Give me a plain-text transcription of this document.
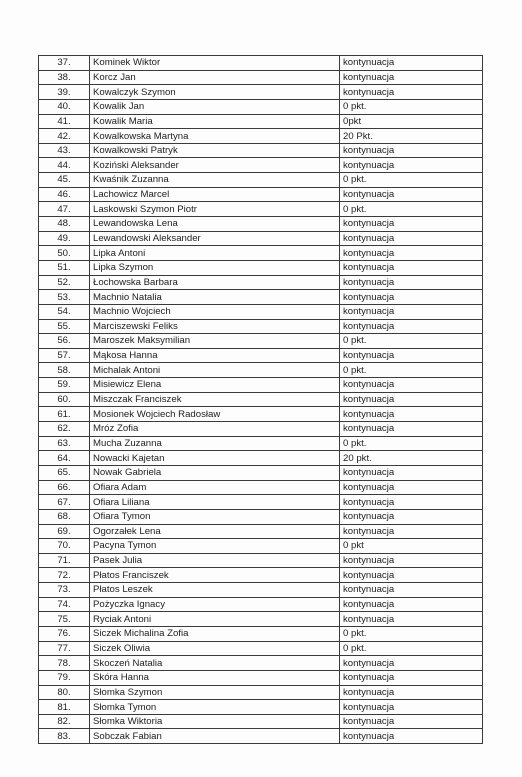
37.	Kominek Wiktor	kontynuacja
38.	Korcz Jan	kontynuacja
39.	Kowalczyk Szymon	kontynuacja
40.	Kowalik Jan	0 pkt.
41.	Kowalik Maria	0pkt
42.	Kowalkowska Martyna	20 Pkt.
43.	Kowalkowski Patryk	kontynuacja
44.	Koziński Aleksander	kontynuacja
45.	Kwaśnik Zuzanna	0 pkt.
46.	Lachowicz Marcel	kontynuacja
47.	Laskowski Szymon Piotr	0 pkt.
48.	Lewandowska Lena	kontynuacja
49.	Lewandowski Aleksander	kontynuacja
50.	Lipka Antoni	kontynuacja
51.	Lipka Szymon	kontynuacja
52.	Łochowska Barbara	kontynuacja
53.	Machnio Natalia	kontynuacja
54.	Machnio Wojciech	kontynuacja
55.	Marciszewski Feliks	kontynuacja
56.	Maroszek Maksymilian	0 pkt.
57.	Mąkosa Hanna	kontynuacja
58.	Michalak Antoni	0 pkt.
59.	Misiewicz Elena	kontynuacja
60.	Miszczak Franciszek	kontynuacja
61.	Mosionek Wojciech Radosław	kontynuacja
62.	Mróz Zofia	kontynuacja
63.	Mucha Zuzanna	0 pkt.
64.	Nowacki Kajetan	20 pkt.
65.	Nowak Gabriela	kontynuacja
66.	Ofiara Adam	kontynuacja
67.	Ofiara Liliana	kontynuacja
68.	Ofiara Tymon	kontynuacja
69.	Ogorzałek Lena	kontynuacja
70.	Pacyna Tymon	0 pkt
71.	Pasek Julia	kontynuacja
72.	Płatos Franciszek	kontynuacja
73.	Płatos Leszek	kontynuacja
74.	Pożyczka Ignacy	kontynuacja
75.	Ryciak Antoni	kontynuacja
76.	Siczek Michalina Zofia	0 pkt.
77.	Siczek Oliwia	0 pkt.
78.	Skoczeń Natalia	kontynuacja
79.	Skóra Hanna	kontynuacja
80.	Słomka Szymon	kontynuacja
81.	Słomka Tymon	kontynuacja
82.	Słomka Wiktoria	kontynuacja
83.	Sobczak Fabian	kontynuacja
